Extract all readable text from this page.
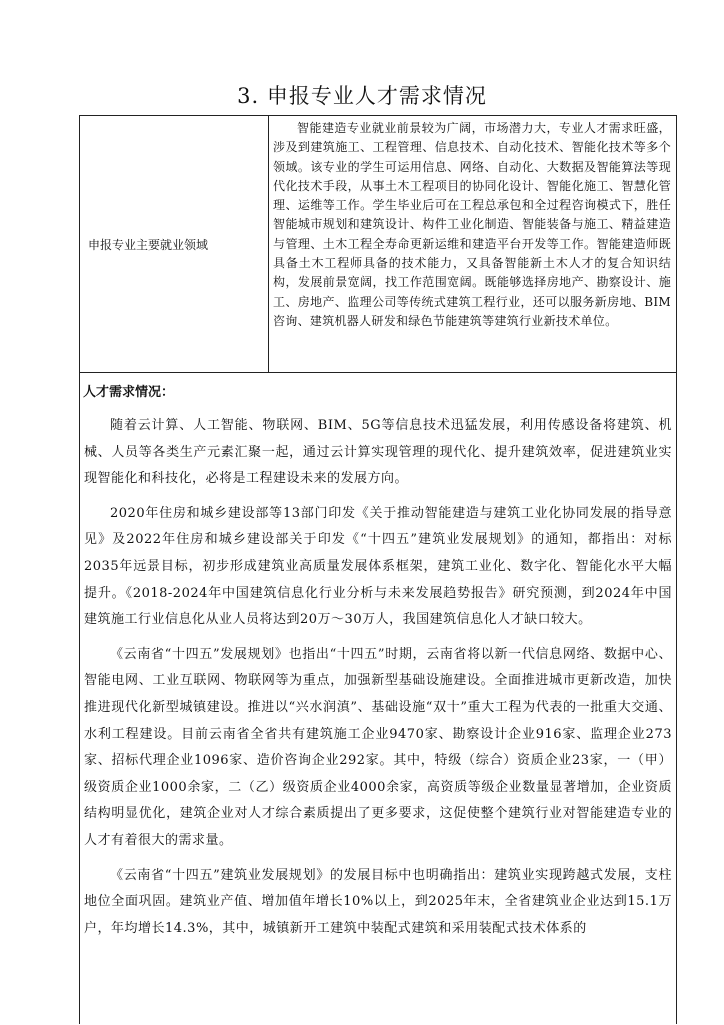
3. 申报专业人才需求情况
申报专业主要就业领域
智能建造专业就业前景较为广阔，市场潜力大，专业人才需求旺盛，涉及到建筑施工、工程管理、信息技术、自动化技术、智能化技术等多个领域。该专业的学生可运用信息、网络、自动化、大数据及智能算法等现代化技术手段，从事土木工程项目的协同化设计、智能化施工、智慧化管理、运维等工作。学生毕业后可在工程总承包和全过程咨询模式下，胜任智能城市规划和建筑设计、构件工业化制造、智能装备与施工、精益建造与管理、土木工程全寿命更新运维和建造平台开发等工作。智能建造师既具备土木工程师具备的技术能力，又具备智能新土木人才的复合知识结构，发展前景宽阔，找工作范围宽阔。既能够选择房地产、勘察设计、施工、房地产、监理公司等传统式建筑工程行业，还可以服务新房地、BIM咨询、建筑机器人研发和绿色节能建筑等建筑行业新技术单位。
人才需求情况：

随着云计算、人工智能、物联网、BIM、5G等信息技术迅猛发展，利用传感设备将建筑、机械、人员等各类生产元素汇聚一起，通过云计算实现管理的现代化、提升建筑效率，促进建筑业实现智能化和科技化，必将是工程建设未来的发展方向。

2020年住房和城乡建设部等13部门印发《关于推动智能建造与建筑工业化协同发展的指导意见》及2022年住房和城乡建设部关于印发《“十四五”建筑业发展规划》的通知，都指出：对标2035年远景目标，初步形成建筑业高质量发展体系框架，建筑工业化、数字化、智能化水平大幅提升。《2018-2024年中国建筑信息化行业分析与未来发展趋势报告》研究预测，到2024年中国建筑施工行业信息化从业人员将达到20万～30万人，我国建筑信息化人才缺口较大。

《云南省“十四五”发展规划》也指出“十四五”时期，云南省将以新一代信息网络、数据中心、智能电网、工业互联网、物联网等为重点，加强新型基础设施建设。全面推进城市更新改造，加快推进现代化新型城镇建设。推进以“兴水润滇”、基础设施“双十”重大工程为代表的一批重大交通、水利工程建设。目前云南省全省共有建筑施工企业9470家、勘察设计企业916家、监理企业273家、招标代理企业1096家、造价咨询企业292家。其中，特级（综合）资质企业23家，一（甲）级资质企业1000余家，二（乙）级资质企业4000余家，高资质等级企业数量显著增加，企业资质结构明显优化，建筑企业对人才综合素质提出了更多要求，这促使整个建筑行业对智能建造专业的人才有着很大的需求量。

《云南省“十四五”建筑业发展规划》的发展目标中也明确指出：建筑业实现跨越式发展，支柱地位全面巩固。建筑业产值、增加值年增长10%以上，到2025年末，全省建筑业企业达到15.1万户，年均增长14.3%，其中，城镇新开工建筑中装配式建筑和采用装配式技术体系的
